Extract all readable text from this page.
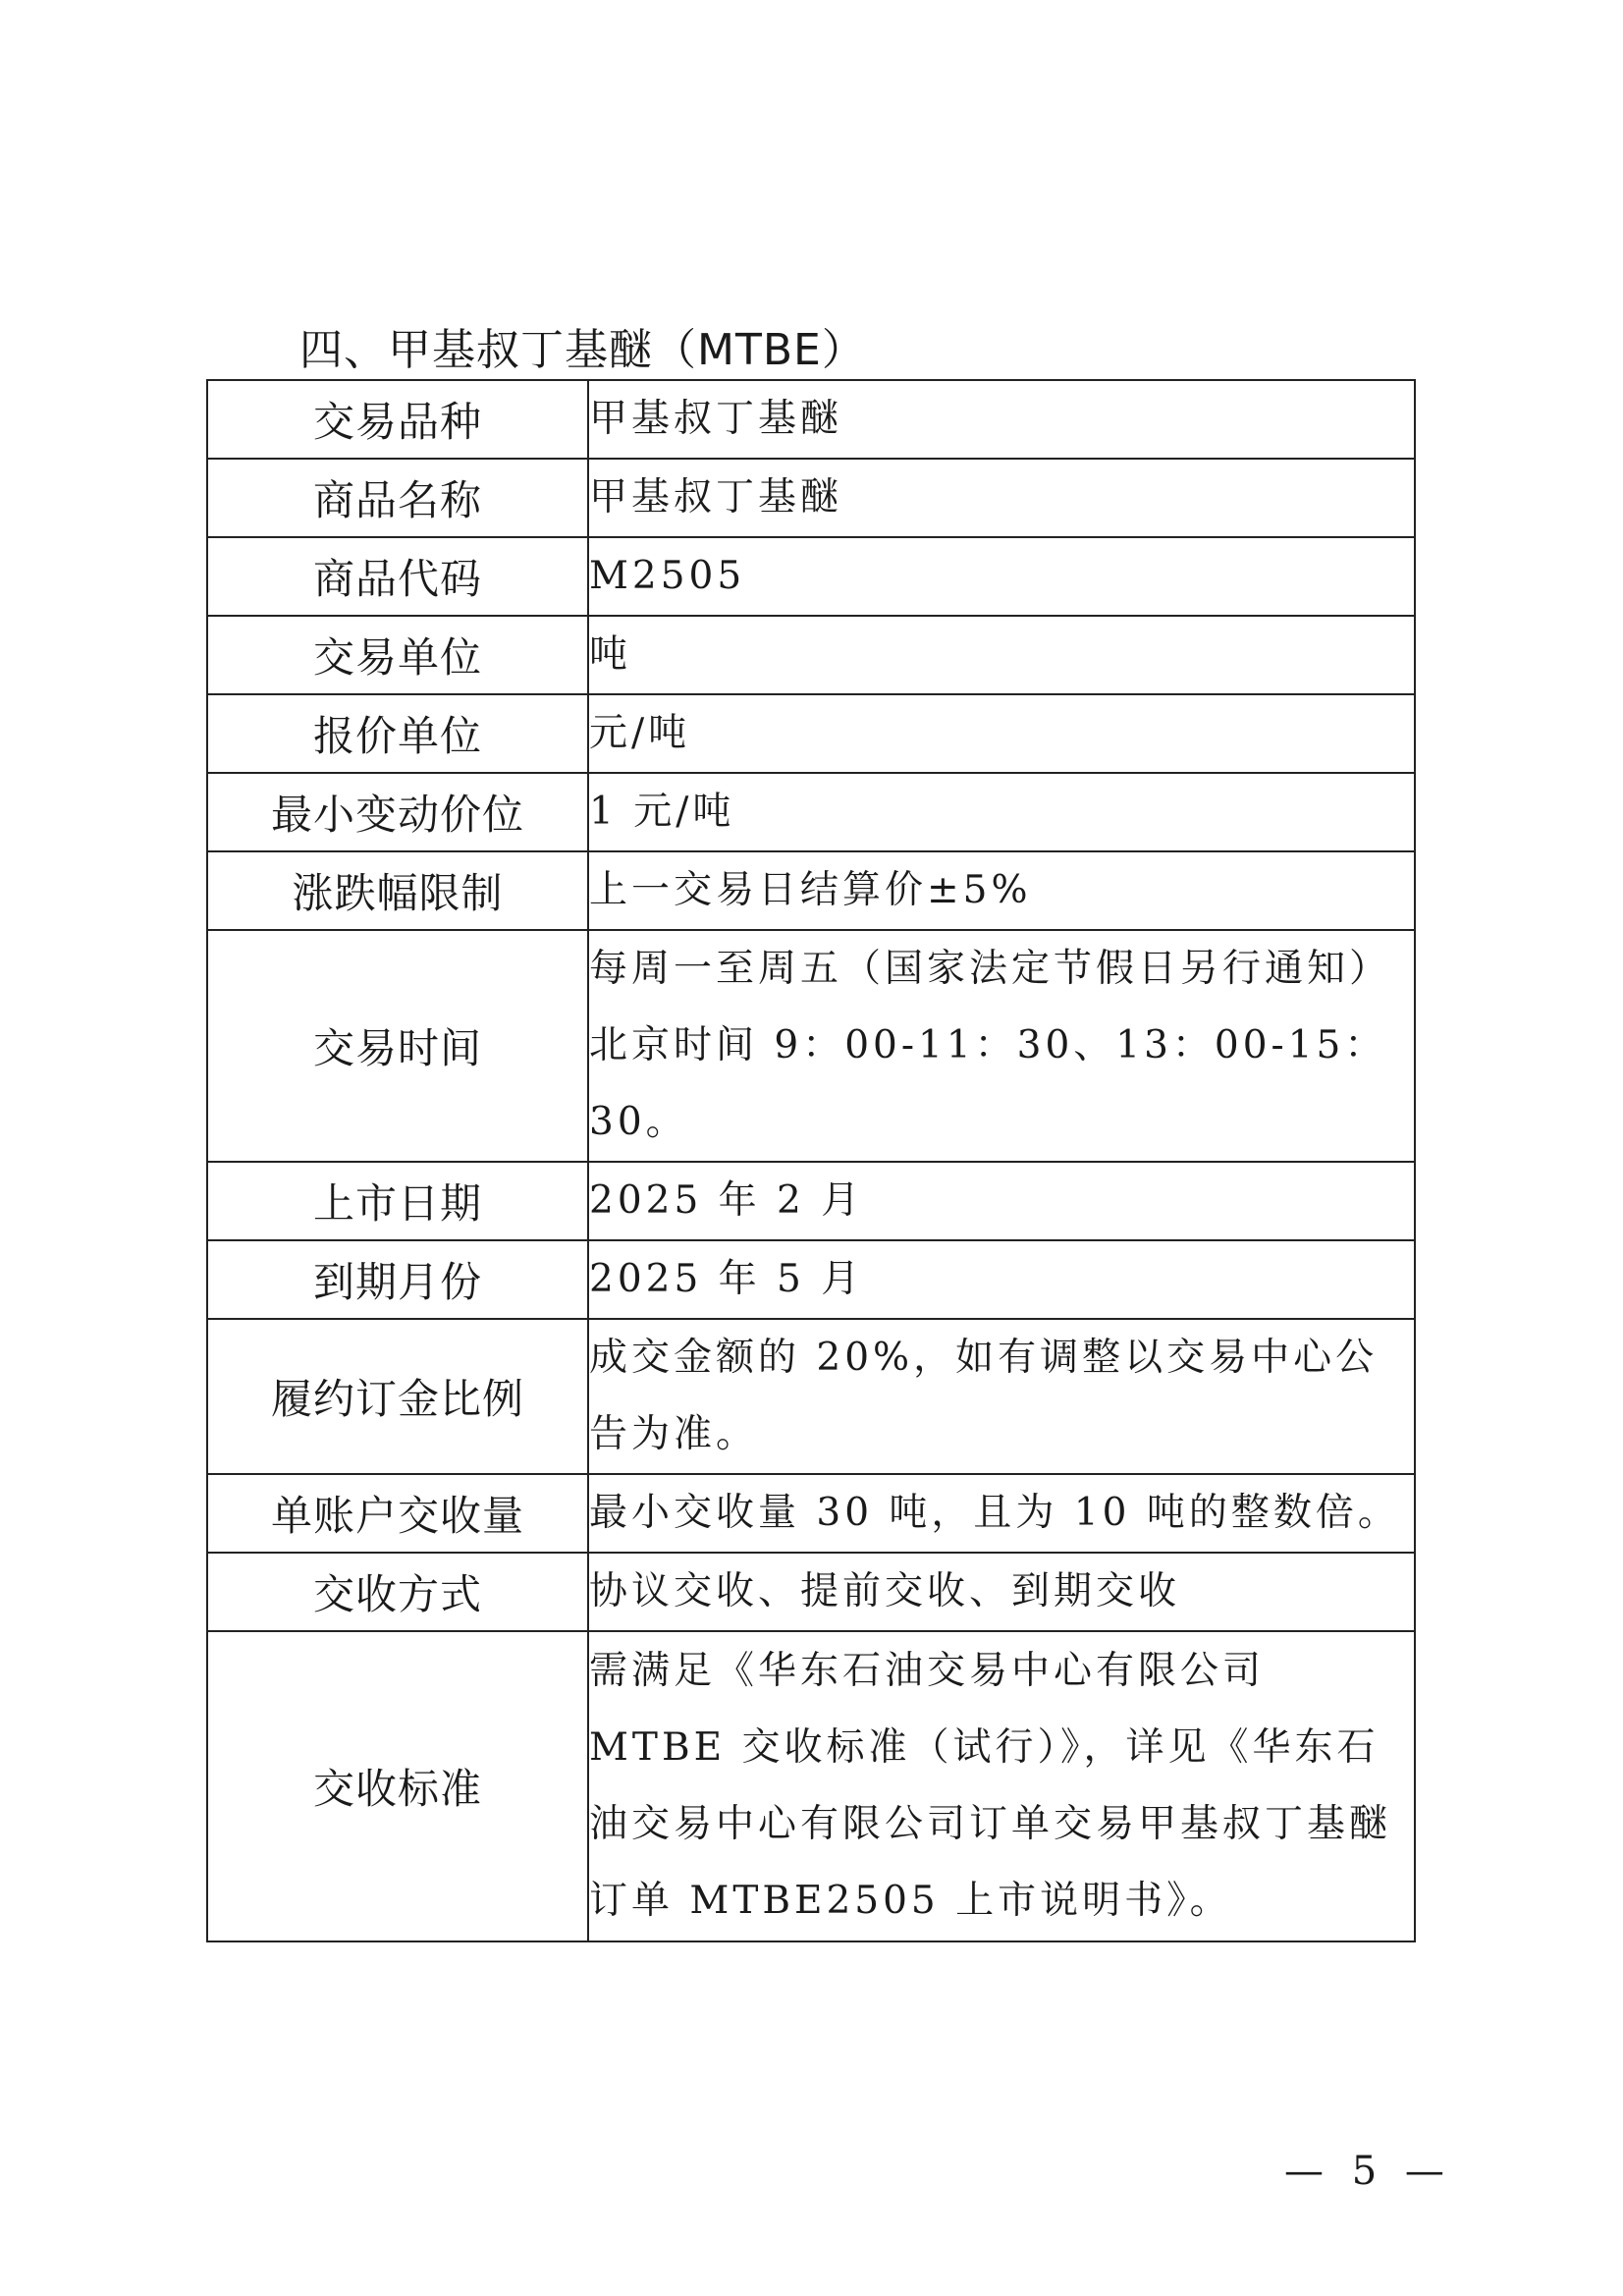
四、甲基叔丁基醚（MTBE）
交易品种	甲基叔丁基醚
商品名称	甲基叔丁基醚
商品代码	M2505
交易单位	吨
报价单位	元/吨
最小变动价位	1 元/吨
涨跌幅限制	上一交易日结算价±5%
交易时间	每周一至周五（国家法定节假日另行通知）北京时间 9：00-11：30、13：00-15：30。
上市日期	2025 年 2 月
到期月份	2025 年 5 月
履约订金比例	成交金额的 20%，如有调整以交易中心公告为准。
单账户交收量	最小交收量 30 吨，且为 10 吨的整数倍。
交收方式	协议交收、提前交收、到期交收
交收标准	需满足《华东石油交易中心有限公司 MTBE 交收标准（试行）》，详见《华东石油交易中心有限公司订单交易甲基叔丁基醚订单 MTBE2505 上市说明书》。
— 5 —
